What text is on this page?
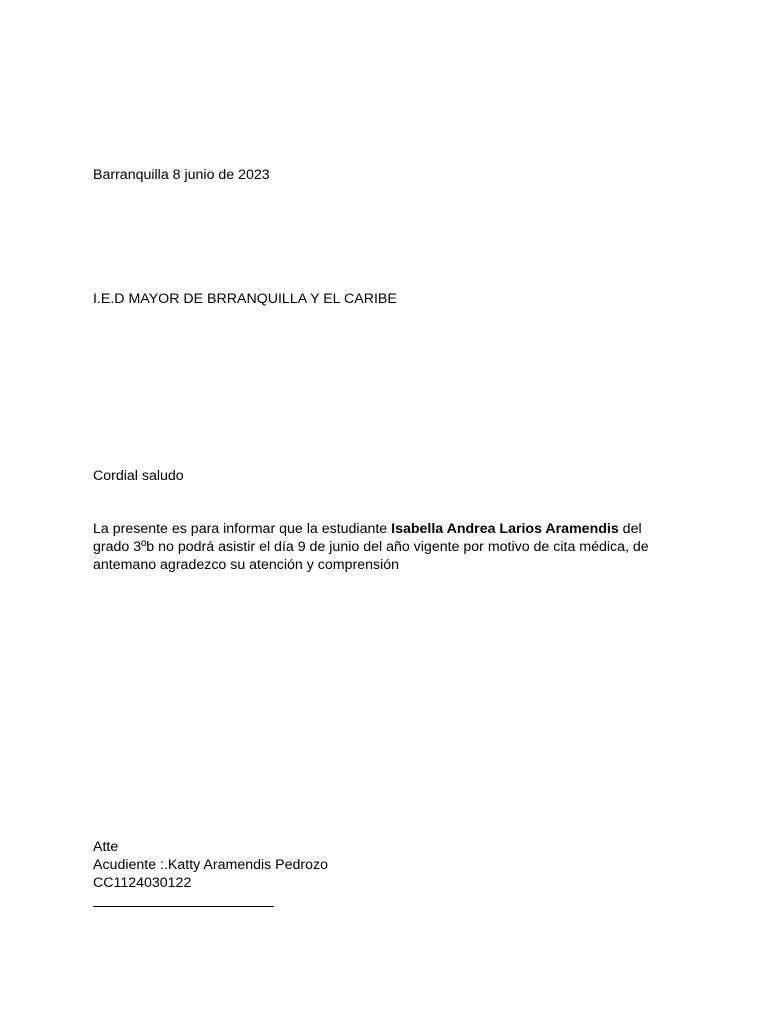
Barranquilla 8 junio de 2023
I.E.D MAYOR DE BRRANQUILLA Y EL CARIBE
Cordial saludo
La presente es para informar que la estudiante Isabella Andrea Larios Aramendis del
grado 3ºb no podrá asistir el día 9 de junio del año vigente por motivo de cita médica, de
antemano agradezco su atención y comprensión
Atte
Acudiente :.Katty Aramendis Pedrozo
CC1124030122
